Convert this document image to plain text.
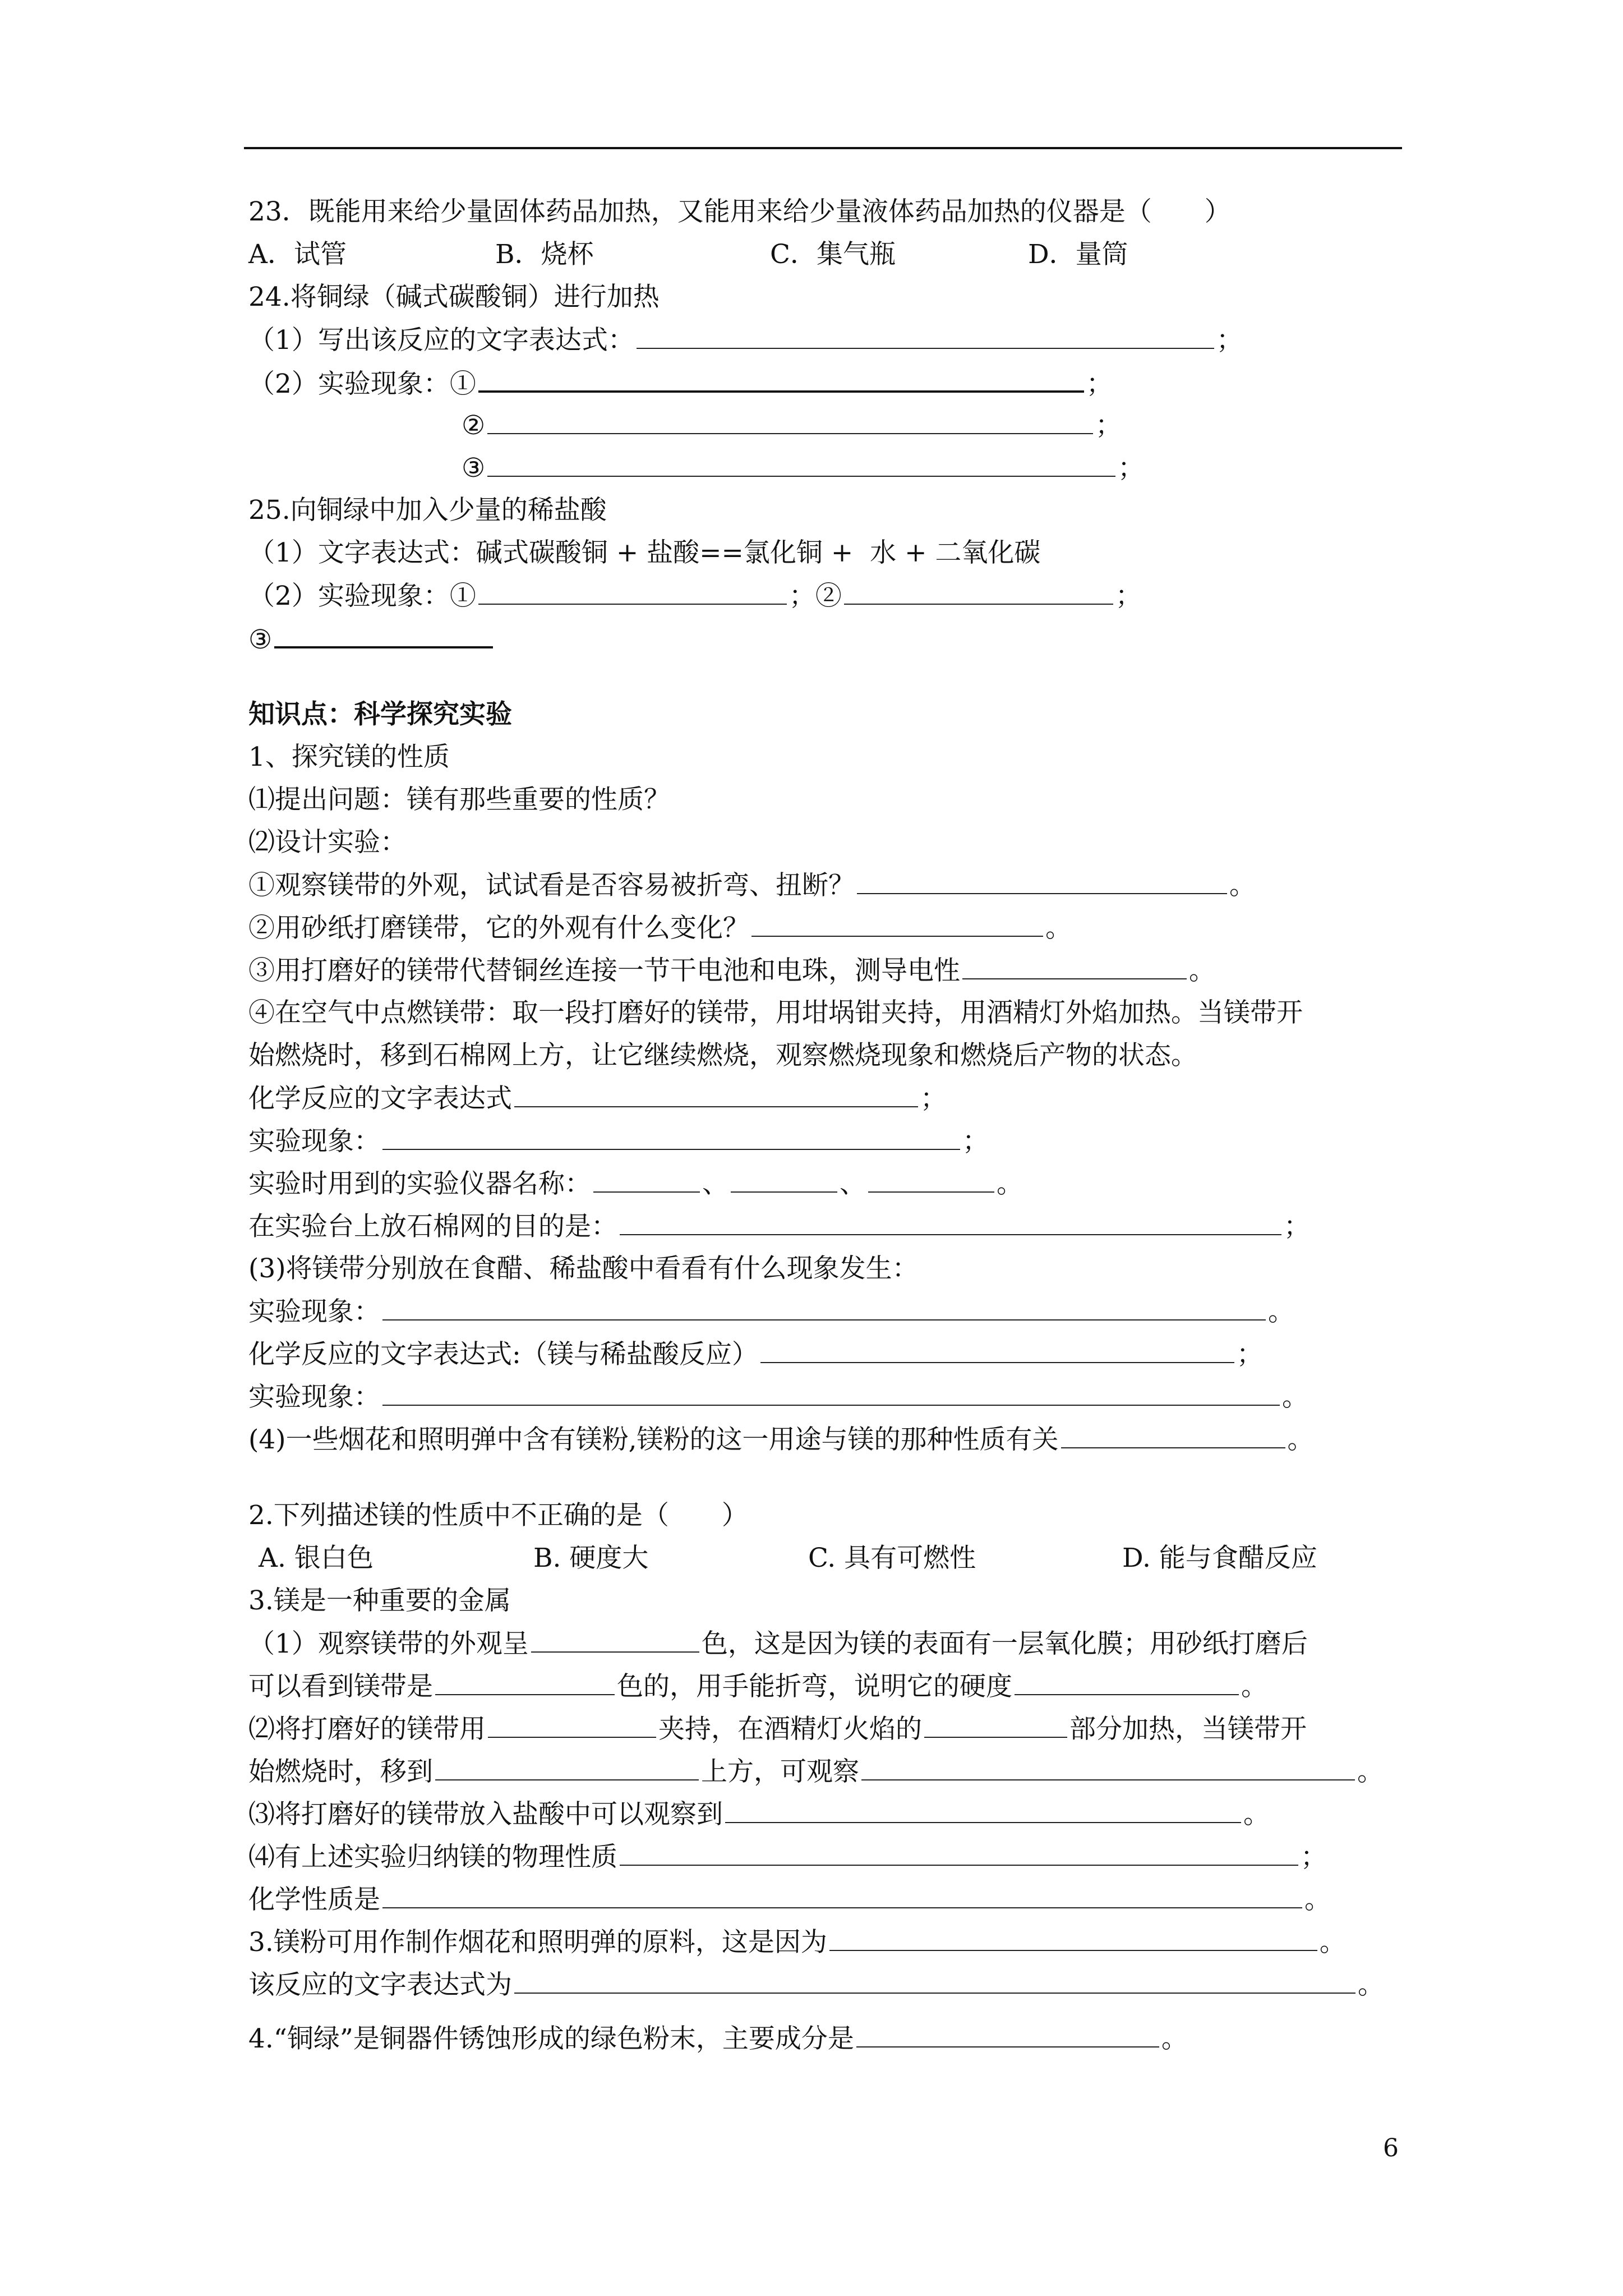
23．既能用来给少量固体药品加热，又能用来给少量液体药品加热的仪器是（　　）
A．试管	B．烧杯	C．集气瓶	D．量筒
24.将铜绿（碱式碳酸铜）进行加热
（1）写出该反应的文字表达式：	；
（2）实验现象：①	；
②	；
③	；
25.向铜绿中加入少量的稀盐酸
（1）文字表达式：碱式碳酸铜 + 盐酸==氯化铜 +  水 + 二氧化碳
（2）实验现象：①	；②	；
③
知识点：科学探究实验
1、探究镁的性质
⑴提出问题：镁有那些重要的性质？
⑵设计实验：
①观察镁带的外观，试试看是否容易被折弯、扭断？	。
②用砂纸打磨镁带，它的外观有什么变化？	。
③用打磨好的镁带代替铜丝连接一节干电池和电珠，测导电性	。
④在空气中点燃镁带：取一段打磨好的镁带，用坩埚钳夹持，用酒精灯外焰加热。当镁带开
始燃烧时，移到石棉网上方，让它继续燃烧，观察燃烧现象和燃烧后产物的状态。
化学反应的文字表达式	；
实验现象：	；
实验时用到的实验仪器名称：	、	、	。
在实验台上放石棉网的目的是：	；
(3)将镁带分别放在食醋、稀盐酸中看看有什么现象发生：
实验现象：	。
化学反应的文字表达式:（镁与稀盐酸反应）	；
实验现象：	。
(4)一些烟花和照明弹中含有镁粉,镁粉的这一用途与镁的那种性质有关	。
2.下列描述镁的性质中不正确的是（　　）
A. 银白色	B. 硬度大	C. 具有可燃性	D. 能与食醋反应
3.镁是一种重要的金属
（1）观察镁带的外观呈	色，这是因为镁的表面有一层氧化膜；用砂纸打磨后
可以看到镁带是	色的，用手能折弯，说明它的硬度	。
⑵将打磨好的镁带用	夹持，在酒精灯火焰的	部分加热，当镁带开
始燃烧时，移到	上方，可观察	。
⑶将打磨好的镁带放入盐酸中可以观察到	。
⑷有上述实验归纳镁的物理性质	；
化学性质是	。
3.镁粉可用作制作烟花和照明弹的原料，这是因为	。
该反应的文字表达式为	。
4.“铜绿”是铜器件锈蚀形成的绿色粉末，主要成分是	。
6
